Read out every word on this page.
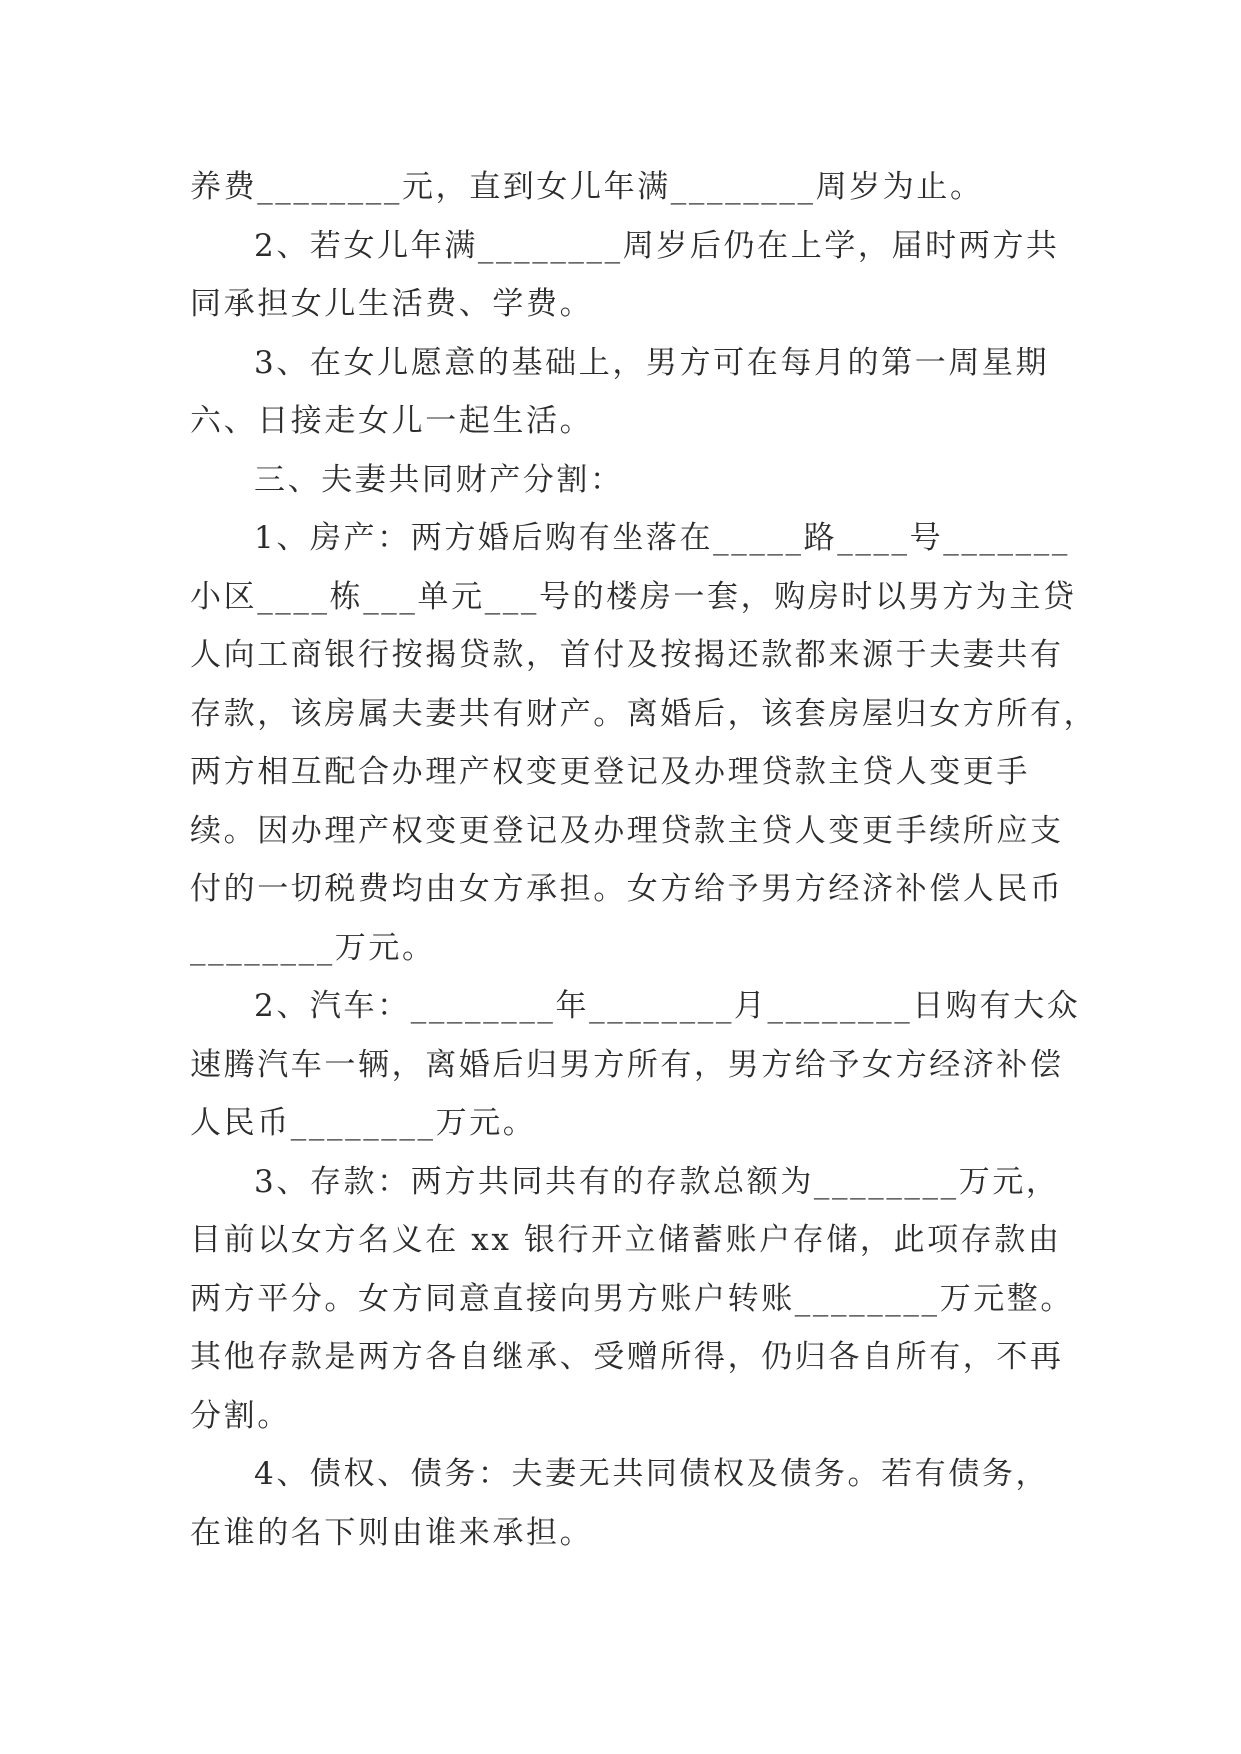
养费________元，直到女儿年满________周岁为止。
2、若女儿年满________周岁后仍在上学，届时两方共
同承担女儿生活费、学费。
3、在女儿愿意的基础上，男方可在每月的第一周星期
六、日接走女儿一起生活。
三、夫妻共同财产分割：
1、房产：两方婚后购有坐落在_____路____号_______
小区____栋___单元___号的楼房一套，购房时以男方为主贷
人向工商银行按揭贷款，首付及按揭还款都来源于夫妻共有
存款，该房属夫妻共有财产。离婚后，该套房屋归女方所有，
两方相互配合办理产权变更登记及办理贷款主贷人变更手
续。因办理产权变更登记及办理贷款主贷人变更手续所应支
付的一切税费均由女方承担。女方给予男方经济补偿人民币
________万元。
2、汽车：________年________月________日购有大众
速腾汽车一辆，离婚后归男方所有，男方给予女方经济补偿
人民币________万元。
3、存款：两方共同共有的存款总额为________万元，
目前以女方名义在 xx 银行开立储蓄账户存储，此项存款由
两方平分。女方同意直接向男方账户转账________万元整。
其他存款是两方各自继承、受赠所得，仍归各自所有，不再
分割。
4、债权、债务：夫妻无共同债权及债务。若有债务，
在谁的名下则由谁来承担。
